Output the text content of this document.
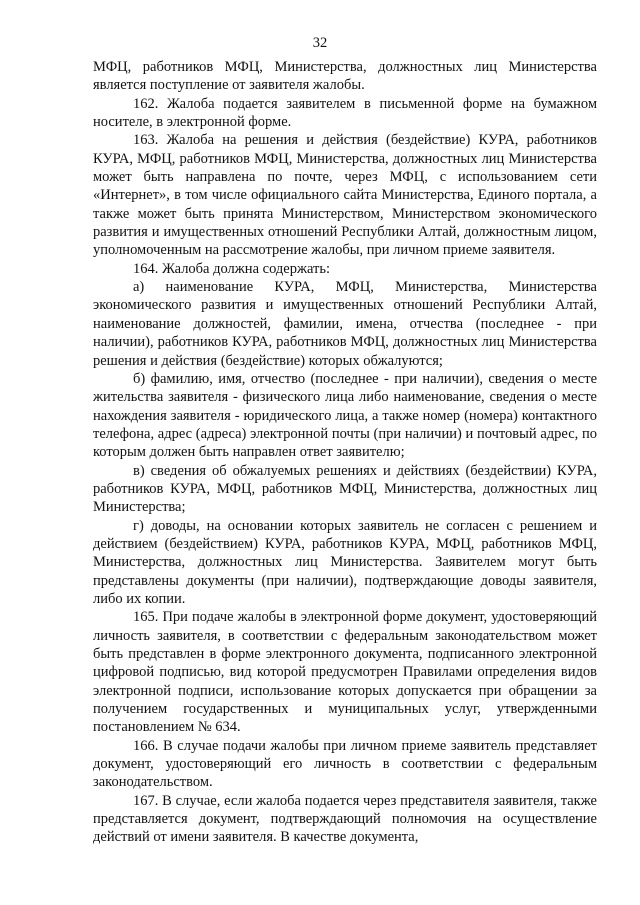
32

МФЦ, работников МФЦ, Министерства, должностных лиц Министерства является поступление от заявителя жалобы.

162. Жалоба подается заявителем в письменной форме на бумажном носителе, в электронной форме.

163. Жалоба на решения и действия (бездействие) КУРА, работников КУРА, МФЦ, работников МФЦ, Министерства, должностных лиц Министерства может быть направлена по почте, через МФЦ, с использованием сети «Интернет», в том числе официального сайта Министерства, Единого портала, а также может быть принята Министерством, Министерством экономического развития и имущественных отношений Республики Алтай, должностным лицом, уполномоченным на рассмотрение жалобы, при личном приеме заявителя.

164. Жалоба должна содержать:

а) наименование КУРА, МФЦ, Министерства, Министерства экономического развития и имущественных отношений Республики Алтай, наименование должностей, фамилии, имена, отчества (последнее - при наличии), работников КУРА, работников МФЦ, должностных лиц Министерства решения и действия (бездействие) которых обжалуются;

б) фамилию, имя, отчество (последнее - при наличии), сведения о месте жительства заявителя - физического лица либо наименование, сведения о месте нахождения заявителя - юридического лица, а также номер (номера) контактного телефона, адрес (адреса) электронной почты (при наличии) и почтовый адрес, по которым должен быть направлен ответ заявителю;

в) сведения об обжалуемых решениях и действиях (бездействии) КУРА, работников КУРА, МФЦ, работников МФЦ, Министерства, должностных лиц Министерства;

г) доводы, на основании которых заявитель не согласен с решением и действием (бездействием) КУРА, работников КУРА, МФЦ, работников МФЦ, Министерства, должностных лиц Министерства. Заявителем могут быть представлены документы (при наличии), подтверждающие доводы заявителя, либо их копии.

165. При подаче жалобы в электронной форме документ, удостоверяющий личность заявителя, в соответствии с федеральным законодательством может быть представлен в форме электронного документа, подписанного электронной цифровой подписью, вид которой предусмотрен Правилами определения видов электронной подписи, использование которых допускается при обращении за получением государственных и муниципальных услуг, утвержденными постановлением № 634.

166. В случае подачи жалобы при личном приеме заявитель представляет документ, удостоверяющий его личность в соответствии с федеральным законодательством.

167. В случае, если жалоба подается через представителя заявителя, также представляется документ, подтверждающий полномочия на осуществление действий от имени заявителя. В качестве документа,
